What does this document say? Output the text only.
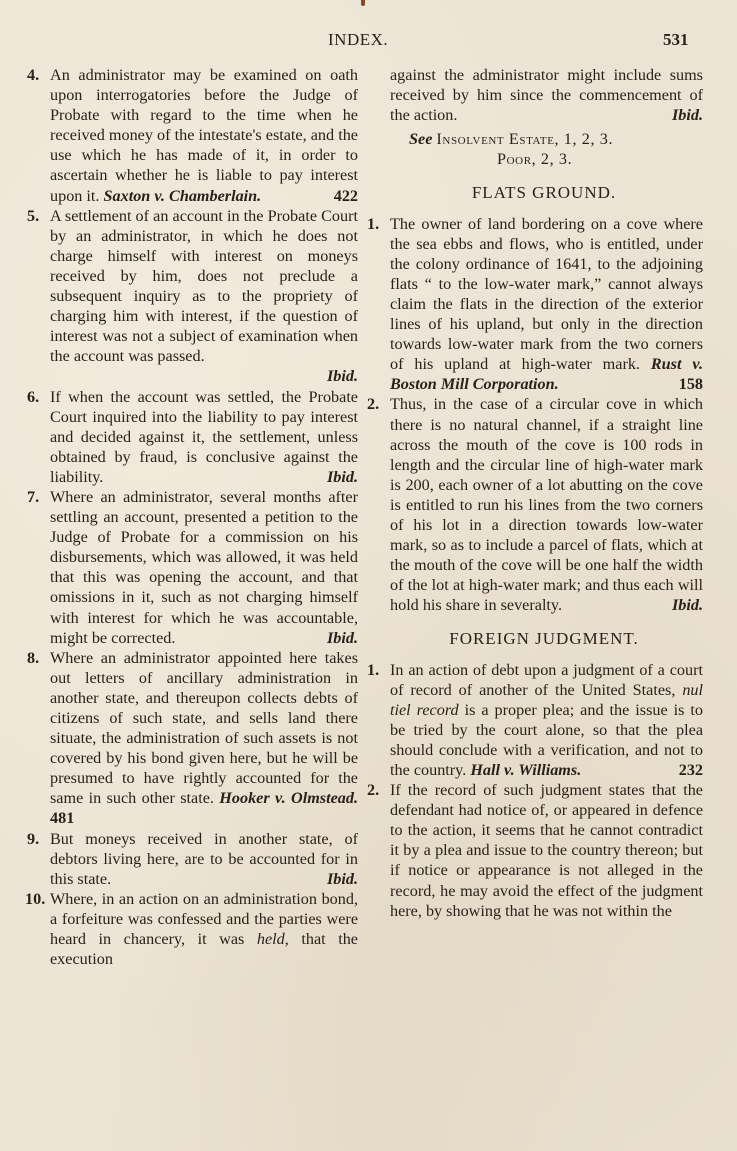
INDEX.	531
4. An administrator may be examined on oath upon interrogatories before the Judge of Probate with regard to the time when he received money of the intestate's estate, and the use which he has made of it, in order to ascertain whether he is liable to pay interest upon it. Saxton v. Chamberlain.	422

5. A settlement of an account in the Probate Court by an administrator, in which he does not charge himself with interest on moneys received by him, does not preclude a subsequent inquiry as to the propriety of charging him with interest, if the question of interest was not a subject of examination when the account was passed.

Ibid.
6. If when the account was settled, the Probate Court inquired into the liability to pay interest and decided against it, the settlement, unless obtained by fraud, is conclusive against the liability.	Ibid.

7. Where an administrator, several months after settling an account, presented a petition to the Judge of Probate for a commission on his disbursements, which was allowed, it was held that this was opening the account, and that omissions in it, such as not charging himself with interest for which he was accountable, might be corrected.	Ibid.

8. Where an administrator appointed here takes out letters of ancillary administration in another state, and thereupon collects debts of citizens of such state, and sells land there situate, the administration of such assets is not covered by his bond given here, but he will be presumed to have rightly accounted for the same in such other state. Hooker v. Olmstead. 481

9. But moneys received in another state, of debtors living here, are to be accounted for in this state.	Ibid.

10. Where, in an action on an administration bond, a forfeiture was confessed and the parties were heard in chancery, it was held, that the execution

against the administrator might include sums received by him since the commencement of the action.	Ibid.

See Insolvent Estate, 1, 2, 3.
Poor, 2, 3.
FLATS GROUND.
1. The owner of land bordering on a cove where the sea ebbs and flows, who is entitled, under the colony ordinance of 1641, to the adjoining flats “ to the low-water mark,” cannot always claim the flats in the direction of the exterior lines of his upland, but only in the direction towards low-water mark from the two corners of his upland at high-water mark. Rust v. Boston Mill Corporation.	158

2. Thus, in the case of a circular cove in which there is no natural channel, if a straight line across the mouth of the cove is 100 rods in length and the circular line of high-water mark is 200, each owner of a lot abutting on the cove is entitled to run his lines from the two corners of his lot in a direction towards low-water mark, so as to include a parcel of flats, which at the mouth of the cove will be one half the width of the lot at high-water mark; and thus each will hold his share in severalty.	Ibid.

FOREIGN JUDGMENT.
1. In an action of debt upon a judgment of a court of record of another of the United States, nul tiel record is a proper plea; and the issue is to be tried by the court alone, so that the plea should conclude with a verification, and not to the country. Hall v. Williams.	232

2. If the record of such judgment states that the defendant had notice of, or appeared in defence to the action, it seems that he cannot contradict it by a plea and issue to the country thereon; but if notice or appearance is not alleged in the record, he may avoid the effect of the judgment here, by showing that he was not within the
